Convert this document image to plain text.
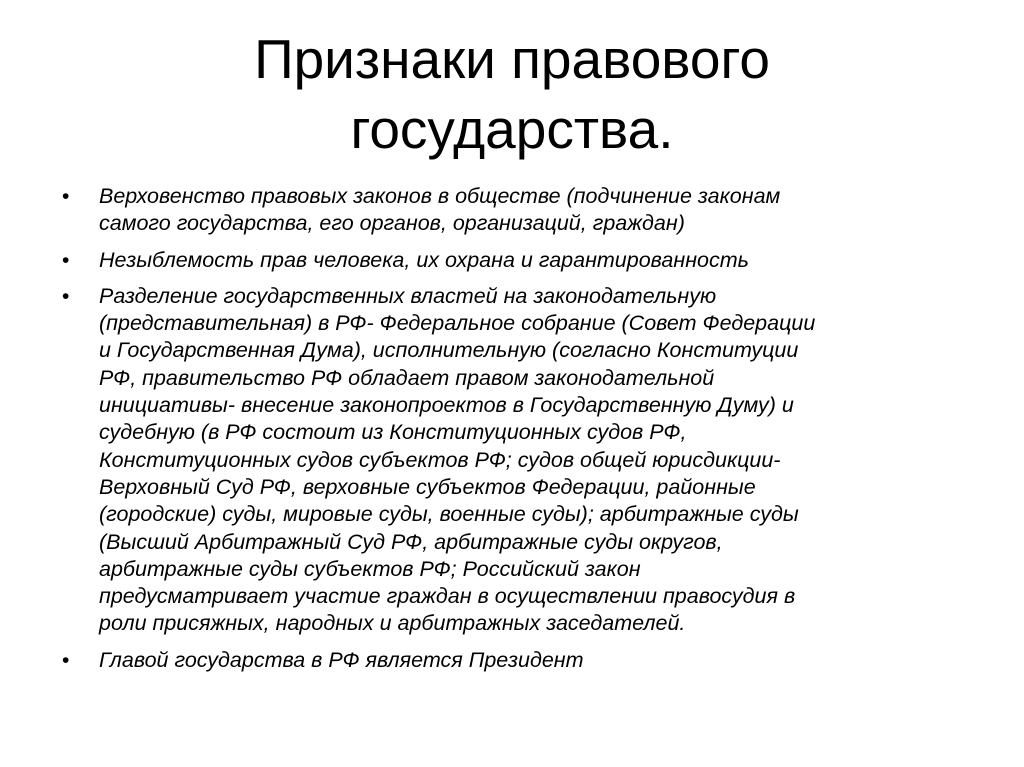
Признаки правового
государства.
• Верховенство правовых законов в обществе (подчинение законам
самого государства, его органов, организаций, граждан)
• Незыблемость прав человека, их охрана и гарантированность
• Разделение государственных властей на законодательную
(представительная) в РФ- Федеральное собрание (Совет Федерации
и Государственная Дума), исполнительную (согласно Конституции
РФ, правительство РФ обладает правом законодательной
инициативы- внесение законопроектов в Государственную Думу) и
судебную (в РФ состоит из Конституционных судов РФ,
Конституционных судов субъектов РФ; судов общей юрисдикции-
Верховный Суд РФ, верховные субъектов Федерации, районные
(городские) суды, мировые суды, военные суды); арбитражные суды
(Высший Арбитражный Суд РФ, арбитражные суды округов,
арбитражные суды субъектов РФ; Российский закон
предусматривает участие граждан в осуществлении правосудия в
роли присяжных, народных и арбитражных заседателей.
• Главой государства в РФ является Президент
